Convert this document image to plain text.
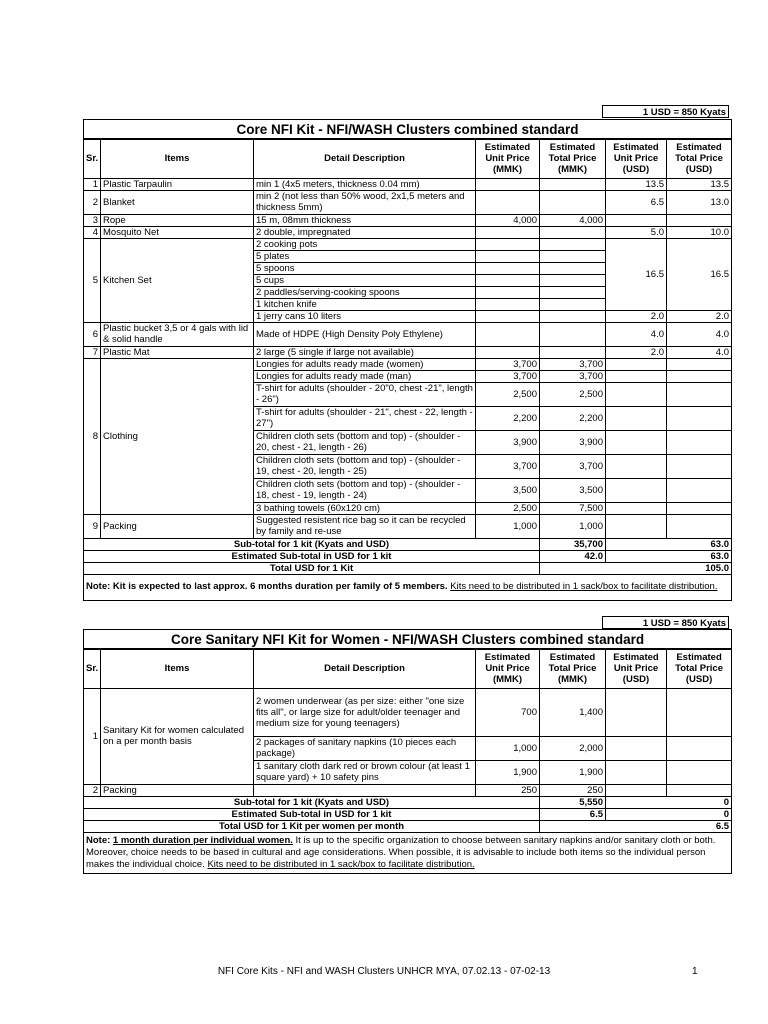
1 USD = 850 Kyats
Core NFI Kit - NFI/WASH Clusters combined standard						
Sr.	Items	Detail Description	Estimated Unit Price (MMK)	Estimated Total Price (MMK)	Estimated Unit Price (USD)	Estimated Total Price (USD)
1	Plastic Tarpaulin	min 1 (4x5 meters, thickness 0.04 mm)			13.5	13.5
2	Blanket	min 2 (not less than 50% wood, 2x1,5 meters and thickness 5mm)			6.5	13.0
3	Rope	15 m, 08mm thickness	4,000	4,000		
4	Mosquito Net	2 double, impregnated			5.0	10.0
5	Kitchen Set	2 cooking pots			16.5	16.5
		5 plates				
		5 spoons				
		5 cups				
		2 paddles/serving-cooking spoons				
		1 kitchen knife				
		1 jerry cans 10 liters			2.0	2.0
6	Plastic bucket 3,5 or 4 gals with lid & solid handle	Made of HDPE (High Density Poly Ethylene)			4.0	4.0
7	Plastic Mat	2 large (5 single if large not available)			2.0	4.0
8	Clothing	Longies for adults ready made (women)	3,700	3,700		
		Longies for adults ready made (man)	3,700	3,700		
		T-shirt for adults (shoulder - 20"0, chest -21", length - 26")	2,500	2,500		
		T-shirt for adults (shoulder - 21", chest - 22, length - 27")	2,200	2,200		
		Children cloth sets (bottom and top) - (shoulder - 20, chest - 21, length - 26)	3,900	3,900		
		Children cloth sets (bottom and top) - (shoulder - 19, chest - 20, length - 25)	3,700	3,700		
		Children cloth sets (bottom and top) - (shoulder - 18, chest - 19, length - 24)	3,500	3,500		
		3 bathing towels (60x120 cm)	2,500	7,500		
9	Packing	Suggested resistent rice bag so it can be recycled by family and re-use	1,000	1,000		
Sub-total for 1 kit (Kyats and USD)				35,700	63.0	
Estimated Sub-total in USD for 1 kit				42.0	63.0	
Total USD for 1 Kit				105.0		
Note: Kit is expected to last approx. 6 months duration per family of 5 members. Kits need to be distributed in 1 sack/box to facilitate distribution.						
1 USD = 850 Kyats
Core Sanitary NFI Kit for Women - NFI/WASH Clusters combined standard						
Sr.	Items	Detail Description	Estimated Unit Price (MMK)	Estimated Total Price (MMK)	Estimated Unit Price (USD)	Estimated Total Price (USD)
1	Sanitary Kit for women calculated on a per month basis	2 women underwear (as per size: either "one size fits all", or large size for adult/older teenager and medium size for young teenagers)	700	1,400		
		2 packages of sanitary napkins (10 pieces each package)	1,000	2,000		
		1 sanitary cloth dark red or brown colour (at least 1 square yard) + 10 safety pins	1,900	1,900		
2	Packing		250	250		
Sub-total for 1 kit (Kyats and USD)				5,550	0	
Estimated Sub-total in USD for 1 kit				6.5	0	
Total USD for 1 Kit per women per month				6.5		
Note: 1 month duration per individual women. It is up to the specific organization to choose between sanitary napkins and/or sanitary cloth or both. Moreover, choice needs to be based in cultural and age considerations. When possible, it is advisable to include both items so the individual person makes the individual choice. Kits need to be distributed in 1 sack/box to facilitate distribution.						
NFI Core Kits - NFI and WASH Clusters UNHCR MYA, 07.02.13 - 07-02-13	1
